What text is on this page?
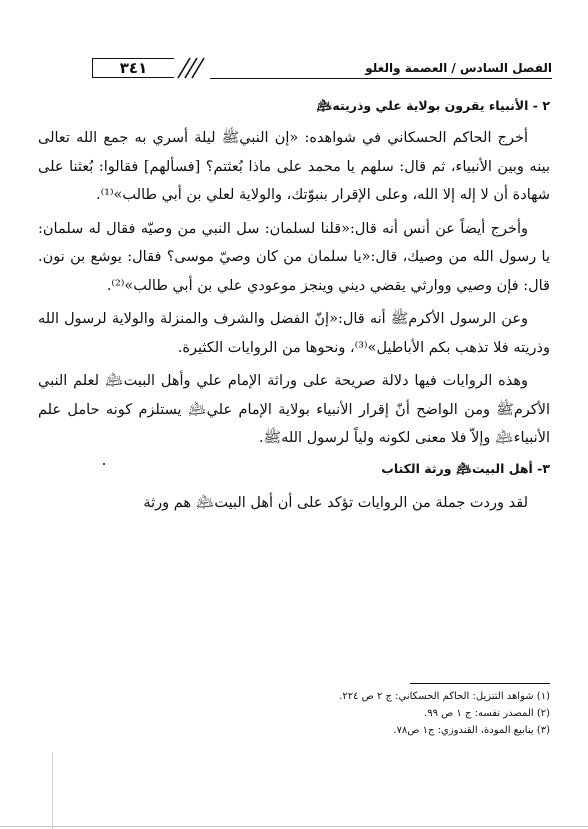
٣٤١	الفصل السادس / العصمة والغلو
٢ - الأنبياء يقرون بولاية علي وذريته﵇

أخرج الحاكم الحسكاني في شواهده: «إن النبيﷺ ليلة أسري به جمع الله تعالى بينه وبين الأنبياء، ثم قال: سلهم يا محمد على ماذا بُعثتم؟ [فسألهم] فقالوا: بُعثنا على شهادة أن لا إله إلا الله، وعلى الإقرار بنبوّتك، والولاية لعلي بن أبي طالب»⁽¹⁾.

وأخرج أيضاً عن أنس أنه قال:«قلنا لسلمان: سل النبي من وصيّه فقال له سلمان: يا رسول الله من وصيك، قال:«يا سلمان من كان وصيّ موسى؟ فقال: يوشع بن نون. قال: فإن وصيي ووارثي يقضي ديني وينجز موعودي علي بن أبي طالب»⁽²⁾.

وعن الرسول الأكرمﷺ أنه قال:«إنّ الفضل والشرف والمنزلة والولاية لرسول الله وذريته فلا تذهب بكم الأباطيل»⁽³⁾، ونحوها من الروايات الكثيرة.

وهذه الروايات فيها دلالة صريحة على وراثة الإمام علي وأهل البيت﵇ لعلم النبي الأكرمﷺ ومن الواضح أنّ إقرار الأنبياء بولاية الإمام علي﵇ يستلزم كونه حامل علم الأنبياء﵇ وإلاّ فلا معنى لكونه ولياً لرسول اللهﷺ.

٣- أهل البيت﵇ ورثة الكتاب

لقد وردت جملة من الروايات تؤكد على أن أهل البيت﵇ هم ورثة

(١) شواهد التنزيل: الحاكم الحسكاني: ج ٢ ص ٢٢٤.
(٢) المصدر نفسه: ج ١ ص ٩٩.
(٣) ينابيع المودة، القندوزي: ج١ ص٧٨.
